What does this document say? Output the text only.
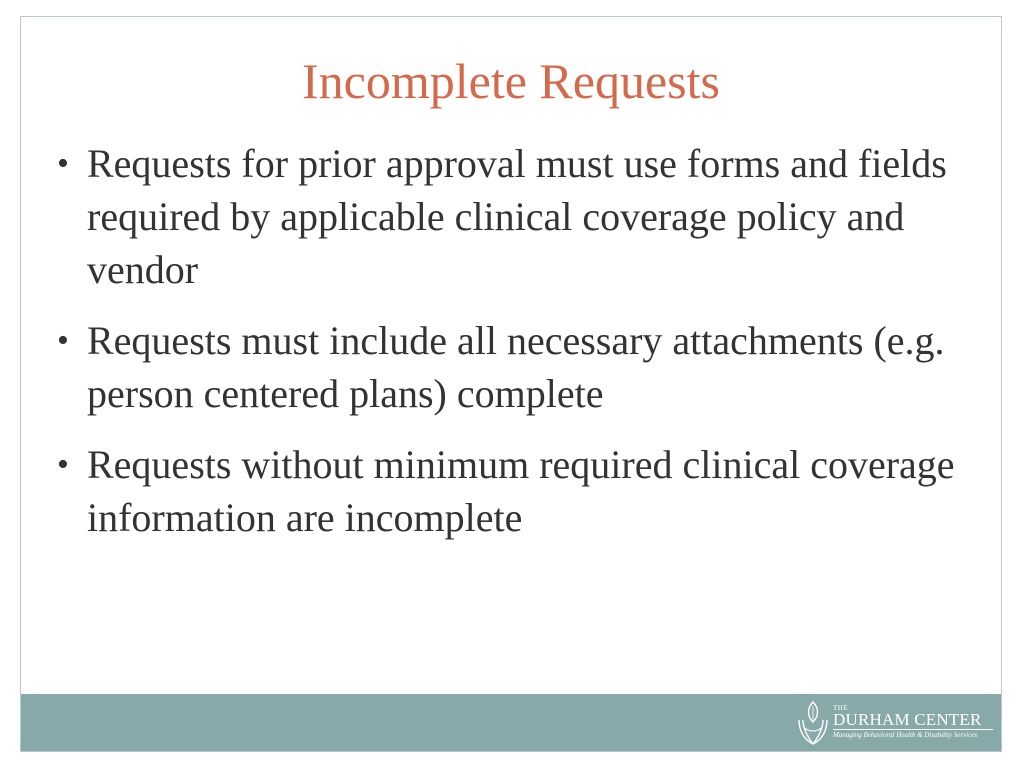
Incomplete Requests
• Requests for prior approval must use forms and fields required by applicable clinical coverage policy and vendor
• Requests must include all necessary attachments (e.g. person centered plans) complete
• Requests without minimum required clinical coverage information are incomplete
THE
DURHAM CENTER
Managing Behavioral Health & Disability Services
